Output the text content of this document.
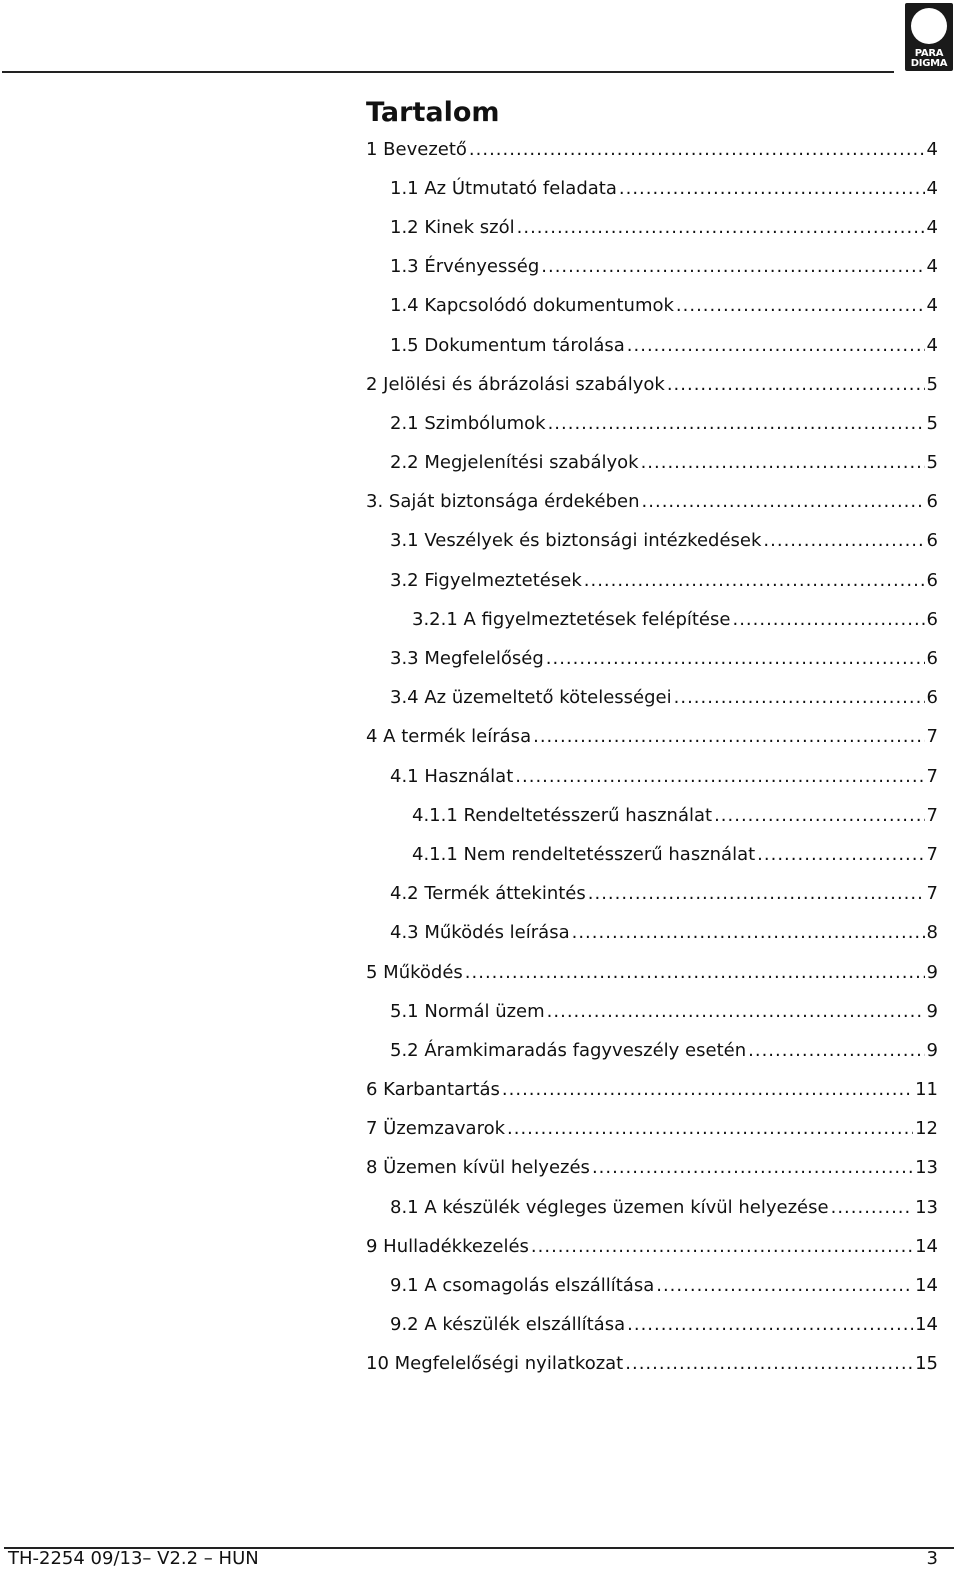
PARA
DIGMA
Tartalom
1 Bevezető .....	4
1.1 Az Útmutató feladata .....	4
1.2 Kinek szól .....	4
1.3 Érvényesség .....	4
1.4 Kapcsolódó dokumentumok .....	4
1.5 Dokumentum tárolása .....	4
2 Jelölési és ábrázolási szabályok .....	5
2.1 Szimbólumok .....	5
2.2 Megjelenítési szabályok .....	5
3. Saját biztonsága érdekében .....	6
3.1 Veszélyek és biztonsági intézkedések .....	6
3.2 Figyelmeztetések .....	6
3.2.1 A figyelmeztetések felépítése .....	6
3.3 Megfelelőség .....	6
3.4 Az üzemeltető kötelességei .....	6
4 A termék leírása .....	7
4.1 Használat .....	7
4.1.1 Rendeltetésszerű használat .....	7
4.1.1 Nem rendeltetésszerű használat .....	7
4.2 Termék áttekintés .....	7
4.3 Működés leírása .....	8
5 Működés .....	9
5.1 Normál üzem .....	9
5.2 Áramkimaradás fagyveszély esetén .....	9
6 Karbantartás .....	11
7 Üzemzavarok .....	12
8 Üzemen kívül helyezés .....	13
8.1 A készülék végleges üzemen kívül helyezése .....	13
9 Hulladékkezelés .....	14
9.1 A csomagolás elszállítása .....	14
9.2 A készülék elszállítása .....	14
10 Megfelelőségi nyilatkozat .....	15
TH-2254 09/13– V2.2 – HUN	3
